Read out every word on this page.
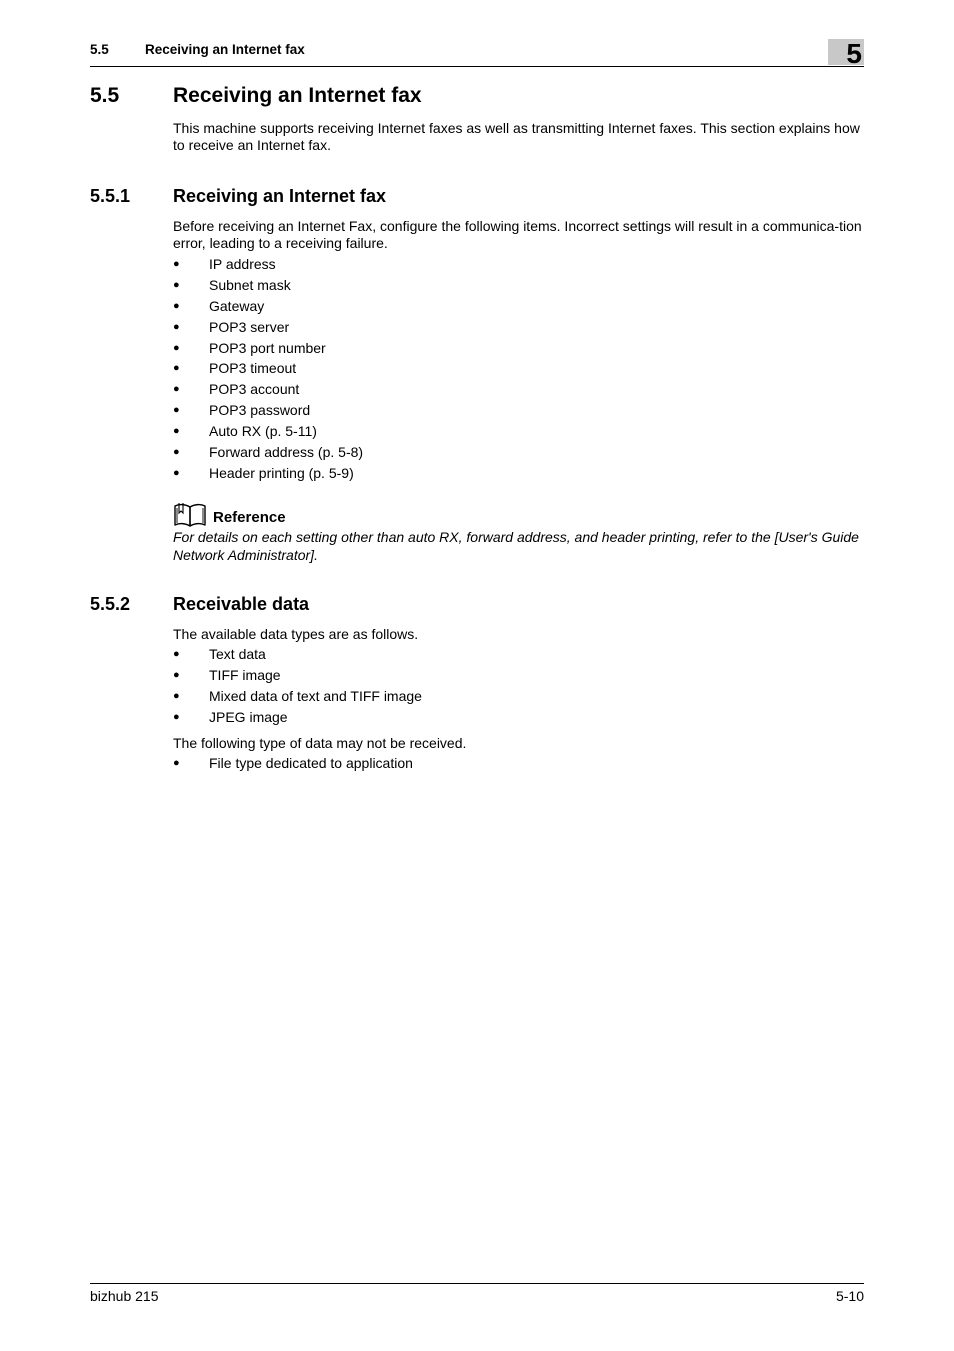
5.5	Receiving an Internet fax	5
5.5	Receiving an Internet fax
This machine supports receiving Internet faxes as well as transmitting Internet faxes. This section explains how to receive an Internet fax.
5.5.1 Receiving an Internet fax
Before receiving an Internet Fax, configure the following items. Incorrect settings will result in a communica-tion error, leading to a receiving failure.
● IP address
● Subnet mask
● Gateway
● POP3 server
● POP3 port number
● POP3 timeout
● POP3 account
● POP3 password
● Auto RX (p. 5-11)
● Forward address (p. 5-8)
● Header printing (p. 5-9)
Reference
For details on each setting other than auto RX, forward address, and header printing, refer to the [User's Guide Network Administrator].
5.5.2 Receivable data
The available data types are as follows.
● Text data
● TIFF image
● Mixed data of text and TIFF image
● JPEG image
The following type of data may not be received.
● File type dedicated to application
bizhub 215	5-10
